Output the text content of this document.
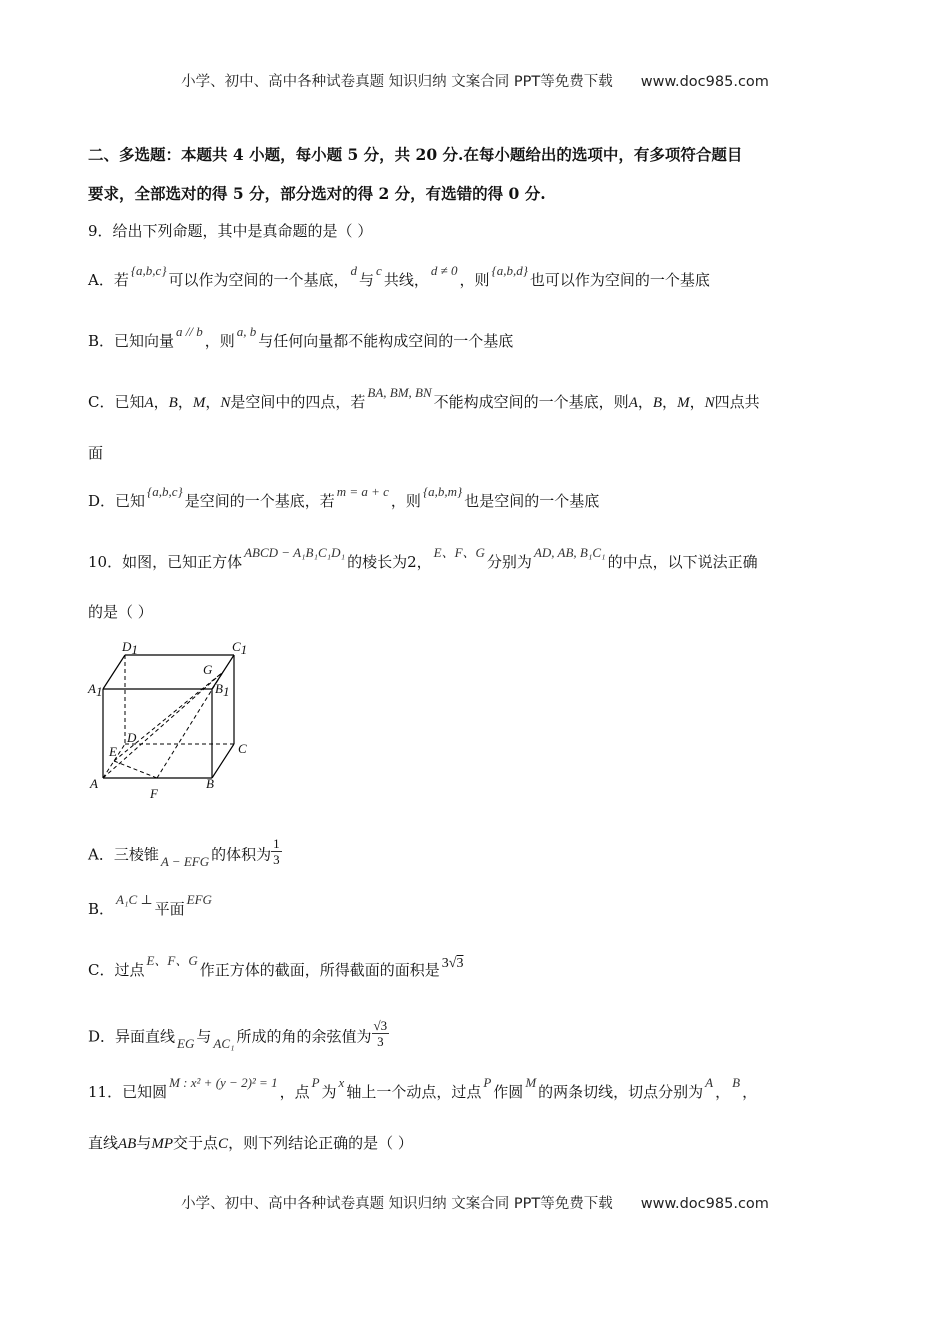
小学、初中、高中各种试卷真题 知识归纳 文案合同 PPT等免费下载 www.doc985.com
二、多选题：本题共 4 小题，每小题 5 分，共 20 分.在每小题给出的选项中，有多项符合题目
要求，全部选对的得 5 分，部分选对的得 2 分，有选错的得 0 分.
9．给出下列命题，其中是真命题的是（ ）
A．若{a,b,c}可以作为空间的一个基底，d与c共线，d ≠ 0，则{a,b,d}也可以作为空间的一个基底
B．已知向量a // b，则a, b与任何向量都不能构成空间的一个基底
C．已知A，B，M，N是空间中的四点，若BA, BM, BN不能构成空间的一个基底，则A，B，M，N四点共
面
D．已知{a,b,c}是空间的一个基底，若m = a + c，则{a,b,m}也是空间的一个基底
10．如图，已知正方体ABCD − A₁B₁C₁D₁的棱长为2，E、F、G分别为AD, AB, B₁C₁的中点，以下说法正确
的是（ ）
D1	C1
A1	B1
G
D
E	C
A	B
F
A．三棱锥 A − EFG 的体积为 $\frac{1}{3}$
B．A₁C ⊥平面EFG
C．过点E、F、G作正方体的截面，所得截面的面积是 3√3
D．异面直线 EG 与 AC₁ 所成的角的余弦值为 $\frac{√3}{3}$
11．已知圆M : x² + (y − 2)² = 1，点P为x轴上一个动点，过点P作圆M的两条切线，切点分别为A，B，
直线AB与MP交于点C，则下列结论正确的是（ ）
小学、初中、高中各种试卷真题 知识归纳 文案合同 PPT等免费下载 www.doc985.com
